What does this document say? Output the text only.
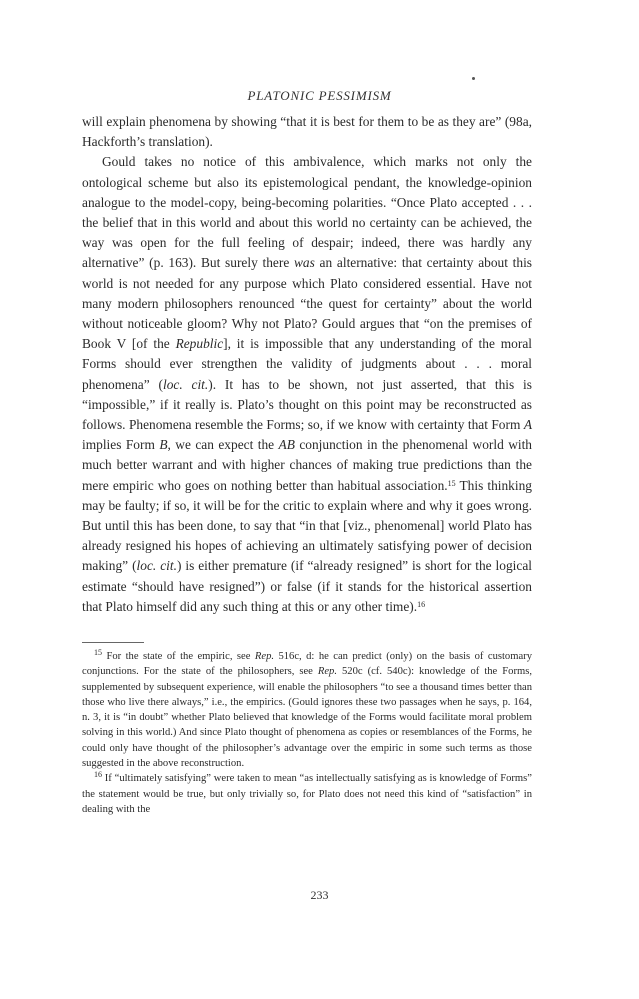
PLATONIC PESSIMISM

will explain phenomena by showing “that it is best for them to be as they are” (98a, Hackforth’s translation).

Gould takes no notice of this ambivalence, which marks not only the ontological scheme but also its epistemological pendant, the knowledge-opinion analogue to the model-copy, being-becoming polarities. “Once Plato accepted . . . the belief that in this world and about this world no certainty can be achieved, the way was open for the full feeling of despair; indeed, there was hardly any alternative” (p. 163). But surely there was an alternative: that certainty about this world is not needed for any purpose which Plato considered essential. Have not many modern philosophers renounced “the quest for certainty” about the world without noticeable gloom? Why not Plato? Gould argues that “on the premises of Book V [of the Republic], it is impossible that any understanding of the moral Forms should ever strengthen the validity of judgments about . . . moral phenomena” (loc. cit.). It has to be shown, not just asserted, that this is “impossible,” if it really is. Plato’s thought on this point may be reconstructed as follows. Phenomena resemble the Forms; so, if we know with certainty that Form A implies Form B, we can expect the AB conjunction in the phenomenal world with much better warrant and with higher chances of making true predictions than the mere empiric who goes on nothing better than habitual association.$^{15}$ This thinking may be faulty; if so, it will be for the critic to explain where and why it goes wrong. But until this has been done, to say that “in that [viz., phenomenal] world Plato has already resigned his hopes of achieving an ultimately satisfying power of decision making” (loc. cit.) is either premature (if “already resigned” is short for the logical estimate “should have resigned”) or false (if it stands for the historical assertion that Plato himself did any such thing at this or any other time).$^{16}$

$^{15}$ For the state of the empiric, see Rep. 516c, d: he can predict (only) on the basis of customary conjunctions. For the state of the philosophers, see Rep. 520c (cf. 540c): knowledge of the Forms, supplemented by subsequent experience, will enable the philosophers “to see a thousand times better than those who live there always,” i.e., the empirics. (Gould ignores these two passages when he says, p. 164, n. 3, it is “in doubt” whether Plato believed that knowledge of the Forms would facilitate moral problem solving in this world.) And since Plato thought of phenomena as copies or resemblances of the Forms, he could only have thought of the philosopher’s advantage over the empiric in some such terms as those suggested in the above reconstruction.

$^{16}$ If “ultimately satisfying” were taken to mean “as intellectually satisfying as is knowledge of Forms” the statement would be true, but only trivially so, for Plato does not need this kind of “satisfaction” in dealing with the

233
